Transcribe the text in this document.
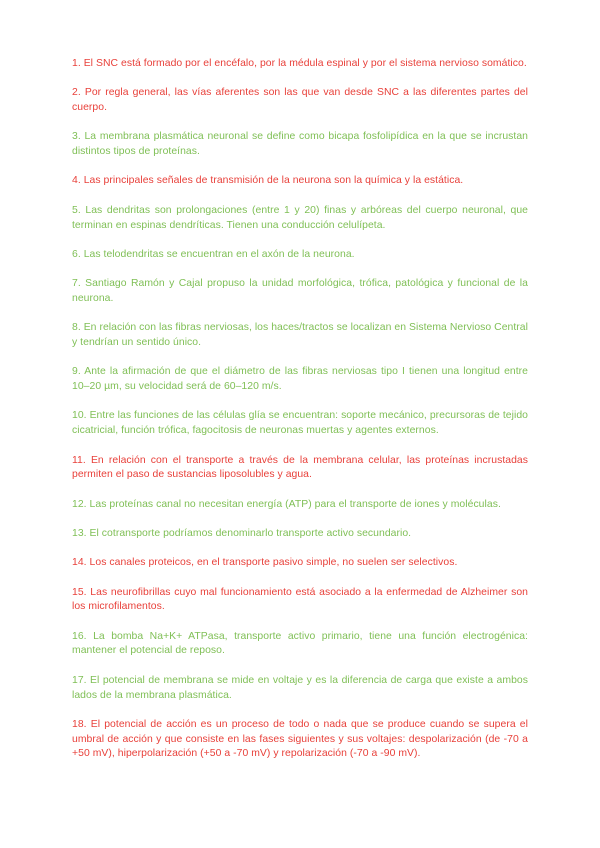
1. El SNC está formado por el encéfalo, por la médula espinal y por el sistema nervioso somático.

2. Por regla general, las vías aferentes son las que van desde SNC a las diferentes partes del cuerpo.

3. La membrana plasmática neuronal se define como bicapa fosfolipídica en la que se incrustan distintos tipos de proteínas.

4. Las principales señales de transmisión de la neurona son la química y la estática.

5. Las dendritas son prolongaciones (entre 1 y 20) finas y arbóreas del cuerpo neuronal, que terminan en espinas dendríticas. Tienen una conducción celulípeta.

6. Las telodendritas se encuentran en el axón de la neurona.

7. Santiago Ramón y Cajal propuso la unidad morfológica, trófica, patológica y funcional de la neurona.

8. En relación con las fibras nerviosas, los haces/tractos se localizan en Sistema Nervioso Central y tendrían un sentido único.

9. Ante la afirmación de que el diámetro de las fibras nerviosas tipo I tienen una longitud entre 10–20 µm, su velocidad será de 60–120 m/s.

10. Entre las funciones de las células glía se encuentran: soporte mecánico, precursoras de tejido cicatricial, función trófica, fagocitosis de neuronas muertas y agentes externos.

11. En relación con el transporte a través de la membrana celular, las proteínas incrustadas permiten el paso de sustancias liposolubles y agua.

12. Las proteínas canal no necesitan energía (ATP) para el transporte de iones y moléculas.

13. El cotransporte podríamos denominarlo transporte activo secundario.

14. Los canales proteicos, en el transporte pasivo simple, no suelen ser selectivos.

15. Las neurofibrillas cuyo mal funcionamiento está asociado a la enfermedad de Alzheimer son los microfilamentos.

16. La bomba Na+K+ ATPasa, transporte activo primario, tiene una función electrogénica: mantener el potencial de reposo.

17. El potencial de membrana se mide en voltaje y es la diferencia de carga que existe a ambos lados de la membrana plasmática.

18. El potencial de acción es un proceso de todo o nada que se produce cuando se supera el umbral de acción y que consiste en las fases siguientes y sus voltajes: despolarización (de -70 a +50 mV), hiperpolarización (+50 a -70 mV) y repolarización (-70 a -90 mV).
